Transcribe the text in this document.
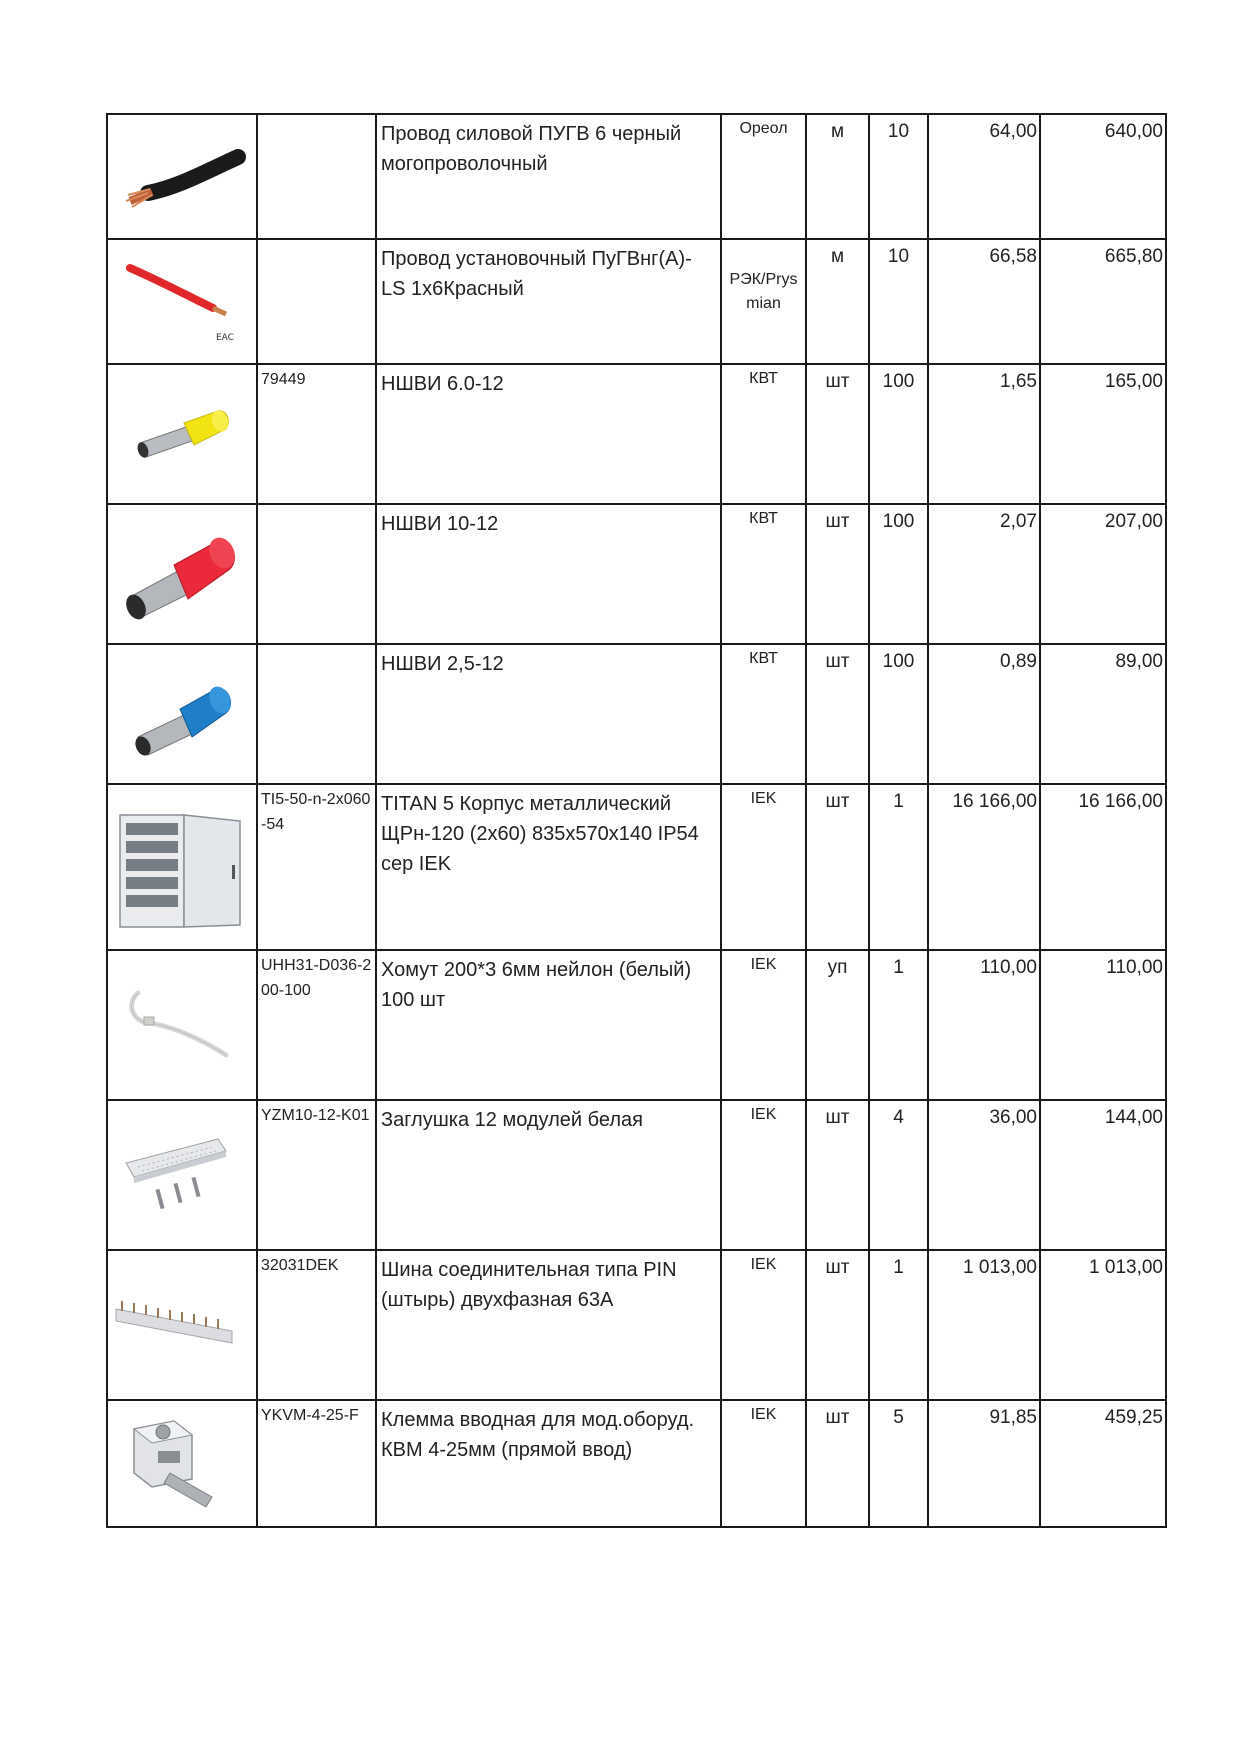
		Провод силовой ПУГВ 6 черный могопроволочный	Ореол	м	10	64,00	640,00

EAC		Провод установочный ПуГВнг(А)-LS 1х6Красный	РЭК/Prysmian	м	10	66,58	665,80

	79449	НШВИ 6.0-12	КВТ	шт	100	1,65	165,00

		НШВИ 10-12	КВТ	шт	100	2,07	207,00

		НШВИ 2,5-12	КВТ	шт	100	0,89	89,00

	TI5-50-n-2x060-54	TITAN 5 Корпус металлический ЩРн-120 (2х60) 835х570х140 IP54 сер IEK	IEK	шт	1	16 166,00	16 166,00

	UHH31-D036-200-100	Хомут 200*3 6мм нейлон (белый) 100 шт	IEK	уп	1	110,00	110,00

	YZM10-12-K01	Заглушка 12 модулей белая	IEK	шт	4	36,00	144,00

	32031DEK	Шина соединительная типа PIN (штырь) двухфазная 63А	IEK	шт	1	1 013,00	1 013,00

	YKVM-4-25-F	Клемма вводная для мод.оборуд. КВМ 4-25мм (прямой ввод)	IEK	шт	5	91,85	459,25
